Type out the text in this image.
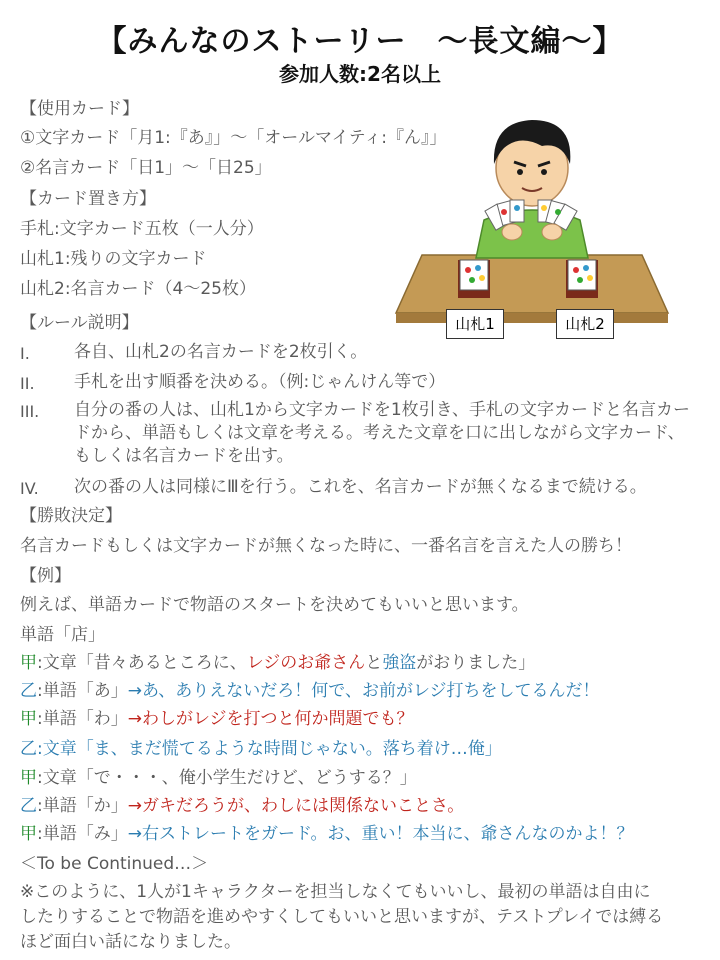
【みんなのストーリー　～長文編～】
参加人数:2名以上
【使用カード】
①文字カード「月1:『あ』」～「オールマイティ:『ん』」
②名言カード「日1」～「日25」
【カード置き方】
手札:文字カード五枚（一人分）
山札1:残りの文字カード
山札2:名言カード（4～25枚）
山札1	山札2
【ルール説明】
I.	各自、山札2の名言カードを2枚引く。
II. 手札を出す順番を決める。（例:じゃんけん等で）
III. 自分の番の人は、山札1から文字カードを1枚引き、手札の文字カードと名言カードから、単語もしくは文章を考える。考えた文章を口に出しながら文字カード、もしくは名言カードを出す。
IV. 次の番の人は同様にⅢを行う。これを、名言カードが無くなるまで続ける。
【勝敗決定】
名言カードもしくは文字カードが無くなった時に、一番名言を言えた人の勝ち！
【例】
例えば、単語カードで物語のスタートを決めてもいいと思います。
単語「店」
甲:文章「昔々あるところに、レジのお爺さんと強盗がおりました」
乙:単語「あ」→あ、ありえないだろ！何で、お前がレジ打ちをしてるんだ！
甲:単語「わ」→わしがレジを打つと何か問題でも？
乙:文章「ま、まだ慌てるような時間じゃない。落ち着け…俺」
甲:文章「で・・・、俺小学生だけど、どうする？」
乙:単語「か」→ガキだろうが、わしには関係ないことさ。
甲:単語「み」→右ストレートをガード。お、重い！本当に、爺さんなのかよ！？
＜To be Continued…＞
※このように、1人が1キャラクターを担当しなくてもいいし、最初の単語は自由に
したりすることで物語を進めやすくしてもいいと思いますが、テストプレイでは縛る
ほど面白い話になりました。
